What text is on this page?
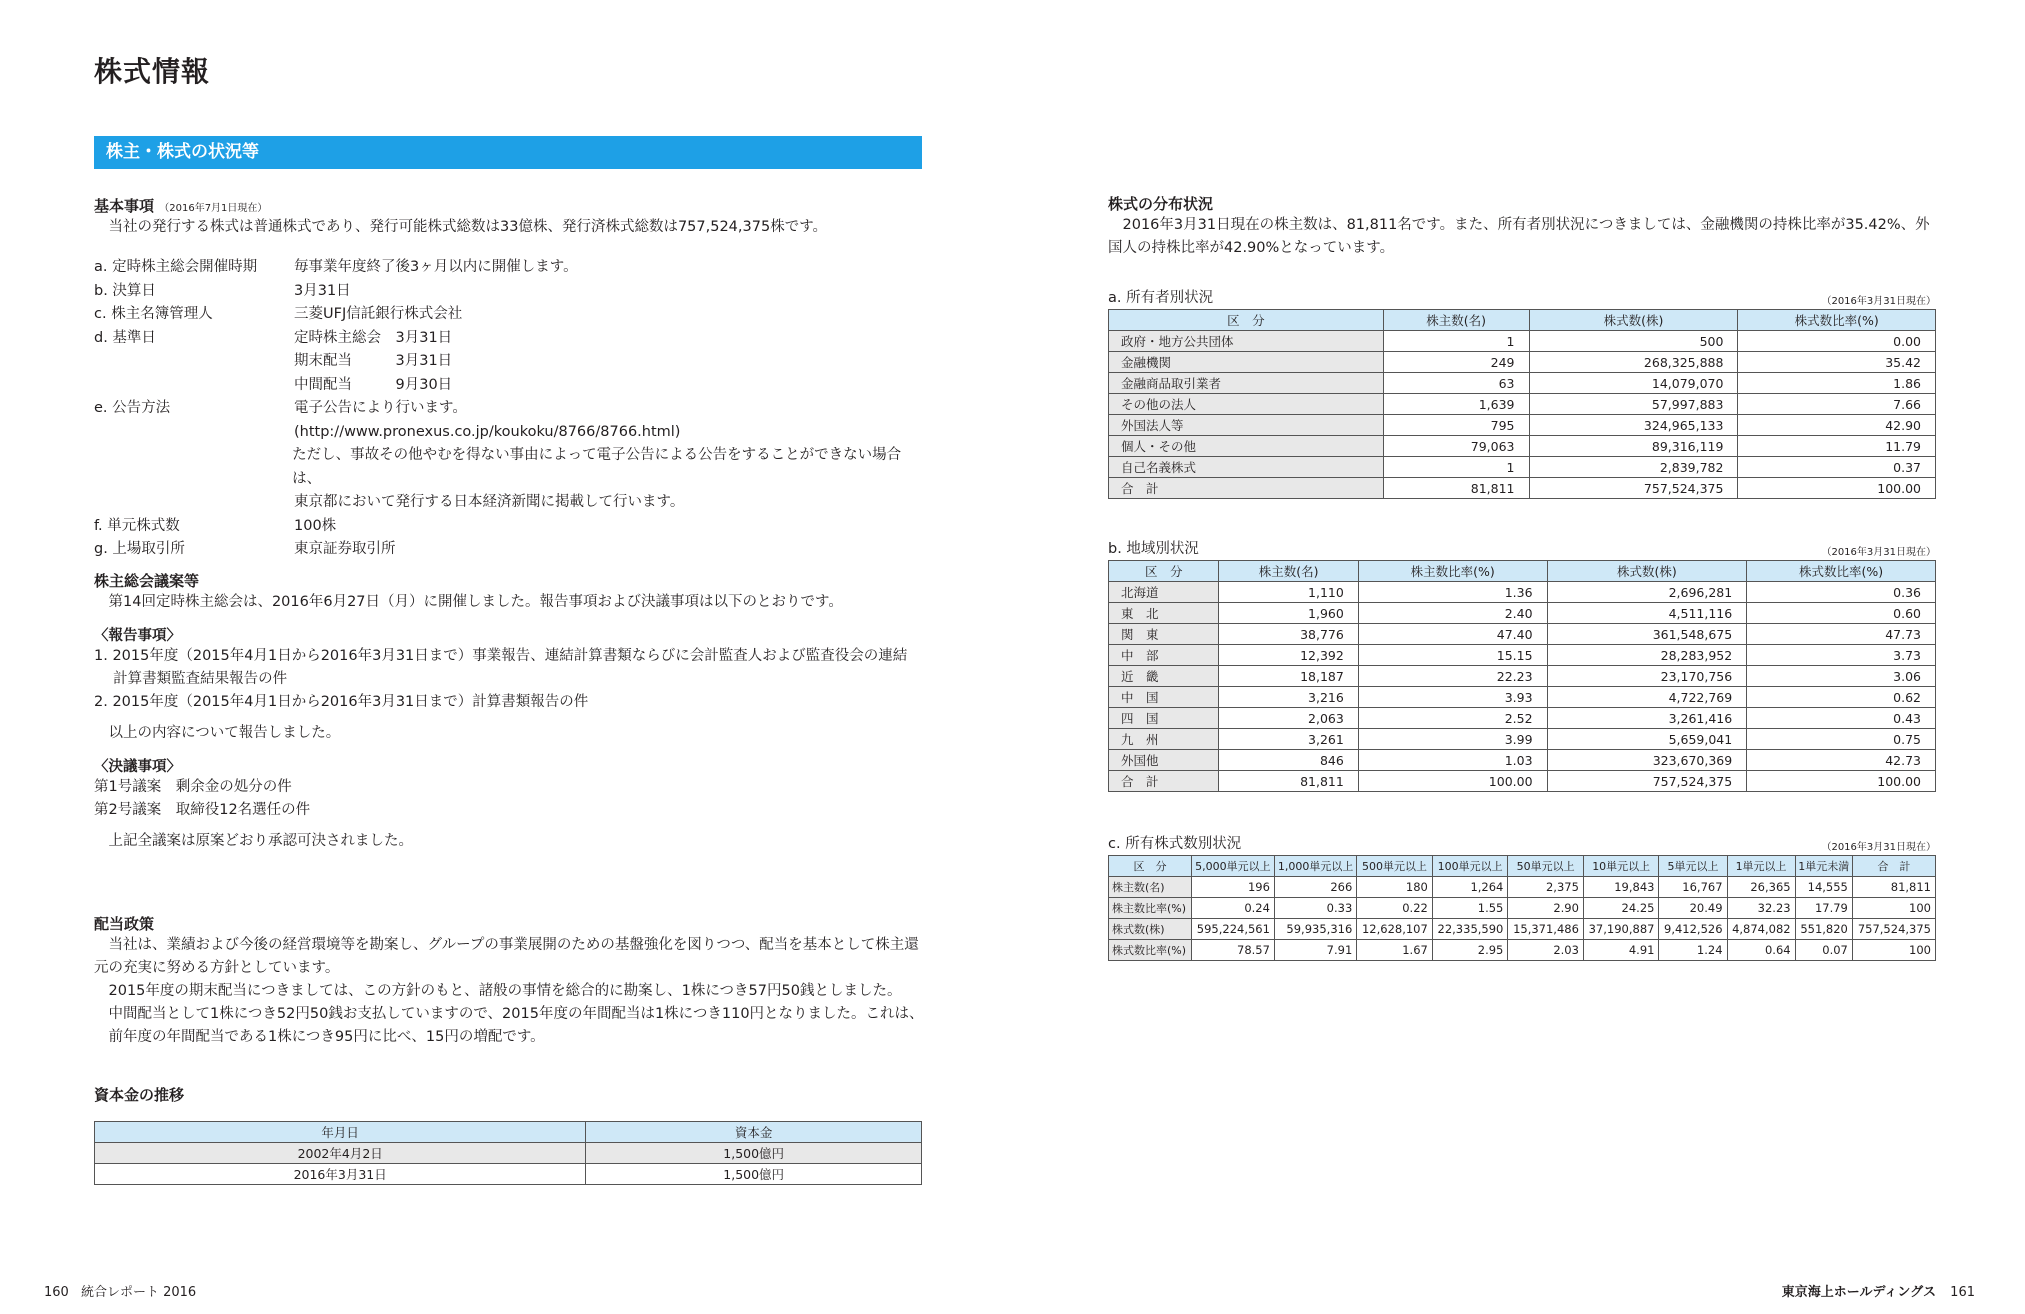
株式情報
株主・株式の状況等
基本事項 （2016年7月1日現在）
当社の発行する株式は普通株式であり、発行可能株式総数は33億株、発行済株式総数は757,524,375株です。
a. 定時株主総会開催時期	毎事業年度終了後3ヶ月以内に開催します。
b. 決算日	3月31日
c. 株主名簿管理人	三菱UFJ信託銀行株式会社
d. 基準日	定時株主総会　3月31日
期末配当　　　3月31日
中間配当　　　9月30日
e. 公告方法	電子公告により行います。
(http://www.pronexus.co.jp/koukoku/8766/8766.html)
ただし、事故その他やむを得ない事由によって電子公告による公告をすることができない場合は、
東京都において発行する日本経済新聞に掲載して行います。
f. 単元株式数	100株
g. 上場取引所	東京証券取引所
株主総会議案等
第14回定時株主総会は、2016年6月27日（月）に開催しました。報告事項および決議事項は以下のとおりです。
〈報告事項〉
1. 2015年度（2015年4月1日から2016年3月31日まで）事業報告、連結計算書類ならびに会計監査人および監査役会の連結
　 計算書類監査結果報告の件
2. 2015年度（2015年4月1日から2016年3月31日まで）計算書類報告の件
以上の内容について報告しました。
〈決議事項〉
第1号議案　剰余金の処分の件
第2号議案　取締役12名選任の件
上記全議案は原案どおり承認可決されました。
配当政策
当社は、業績および今後の経営環境等を勘案し、グループの事業展開のための基盤強化を図りつつ、配当を基本として株主還
元の充実に努める方針としています。
2015年度の期末配当につきましては、この方針のもと、諸般の事情を総合的に勘案し、1株につき57円50銭としました。
中間配当として1株につき52円50銭お支払していますので、2015年度の年間配当は1株につき110円となりました。これは、
前年度の年間配当である1株につき95円に比べ、15円の増配です。
資本金の推移
年月日	資本金
2002年4月2日	1,500億円
2016年3月31日	1,500億円
株式の分布状況
2016年3月31日現在の株主数は、81,811名です。また、所有者別状況につきましては、金融機関の持株比率が35.42%、外
国人の持株比率が42.90%となっています。
a. 所有者別状況	（2016年3月31日現在）
区　分	株主数(名)	株式数(株)	株式数比率(%)
政府・地方公共団体	1	500	0.00
金融機関	249	268,325,888	35.42
金融商品取引業者	63	14,079,070	1.86
その他の法人	1,639	57,997,883	7.66
外国法人等	795	324,965,133	42.90
個人・その他	79,063	89,316,119	11.79
自己名義株式	1	2,839,782	0.37
合　計	81,811	757,524,375	100.00
b. 地域別状況	（2016年3月31日現在）
区　分	株主数(名)	株主数比率(%)	株式数(株)	株式数比率(%)
北海道	1,110	1.36	2,696,281	0.36
東　北	1,960	2.40	4,511,116	0.60
関　東	38,776	47.40	361,548,675	47.73
中　部	12,392	15.15	28,283,952	3.73
近　畿	18,187	22.23	23,170,756	3.06
中　国	3,216	3.93	4,722,769	0.62
四　国	2,063	2.52	3,261,416	0.43
九　州	3,261	3.99	5,659,041	0.75
外国他	846	1.03	323,670,369	42.73
合　計	81,811	100.00	757,524,375	100.00
c. 所有株式数別状況	（2016年3月31日現在）
区　分	5,000単元以上	1,000単元以上	500単元以上	100単元以上	50単元以上	10単元以上	5単元以上	1単元以上	1単元未満	合　計
株主数(名)	196	266	180	1,264	2,375	19,843	16,767	26,365	14,555	81,811
株主数比率(%)	0.24	0.33	0.22	1.55	2.90	24.25	20.49	32.23	17.79	100
株式数(株)	595,224,561	59,935,316	12,628,107	22,335,590	15,371,486	37,190,887	9,412,526	4,874,082	551,820	757,524,375
株式数比率(%)	78.57	7.91	1.67	2.95	2.03	4.91	1.24	0.64	0.07	100
160 統合レポート 2016	東京海上ホールディングス 161
